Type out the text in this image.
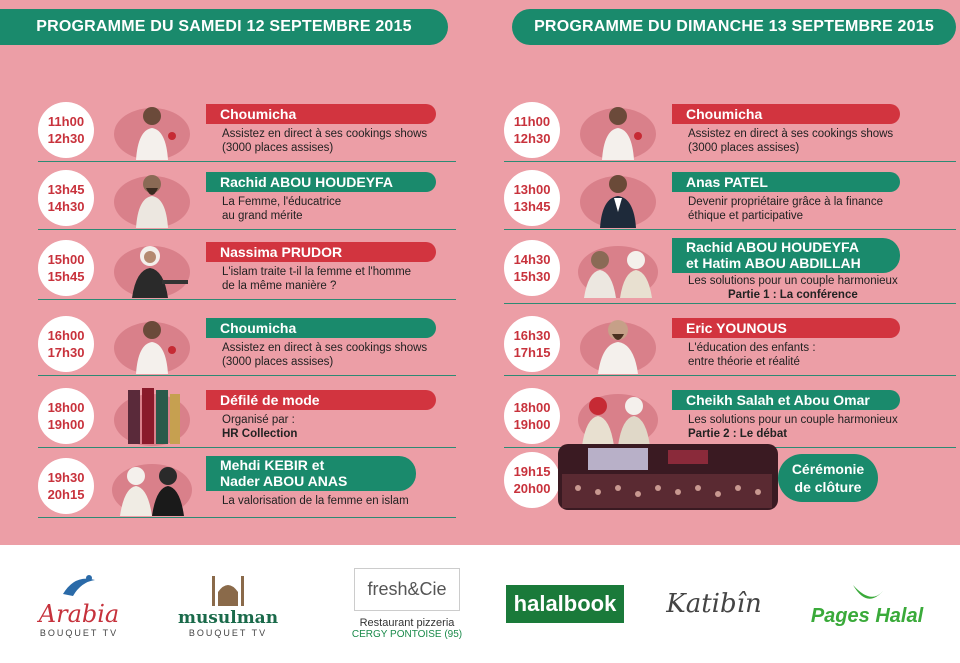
PROGRAMME DU SAMEDI 12 SEPTEMBRE 2015
11h00
12h30
Choumicha
Assistez en direct à ses cookings shows
(3000 places assises)
13h45
14h30
Rachid ABOU HOUDEYFA
La Femme, l'éducatrice
au grand mérite
15h00
15h45
Nassima PRUDOR
L'islam traite t-il la femme et l'homme
de la même manière ?
16h00
17h30
Choumicha
Assistez en direct à ses cookings shows
(3000 places assises)
18h00
19h00
Défilé de mode
Organisé par :
HR Collection
19h30
20h15
Mehdi KEBIR et
Nader ABOU ANAS
La valorisation de la femme en islam
PROGRAMME DU DIMANCHE 13 SEPTEMBRE 2015
11h00
12h30
Choumicha
Assistez en direct à ses cookings shows
(3000 places assises)
13h00
13h45
Anas PATEL
Devenir propriétaire grâce à la finance
éthique et participative
14h30
15h30
Rachid ABOU HOUDEYFA
et Hatim ABOU ABDILLAH
Les solutions pour un couple harmonieux
Partie 1 : La conférence
16h30
17h15
Eric YOUNOUS
L'éducation des enfants :
entre théorie et réalité
18h00
19h00
Cheikh Salah et Abou Omar
Les solutions pour un couple harmonieux
Partie 2 : Le débat
19h15
20h00
Cérémonie
de clôture
Arabia
BOUQUET TV
musulman
BOUQUET TV
fresh&Cie
Restaurant pizzeria
CERGY PONTOISE (95)
halalbook	Katibîn Pages Halal
